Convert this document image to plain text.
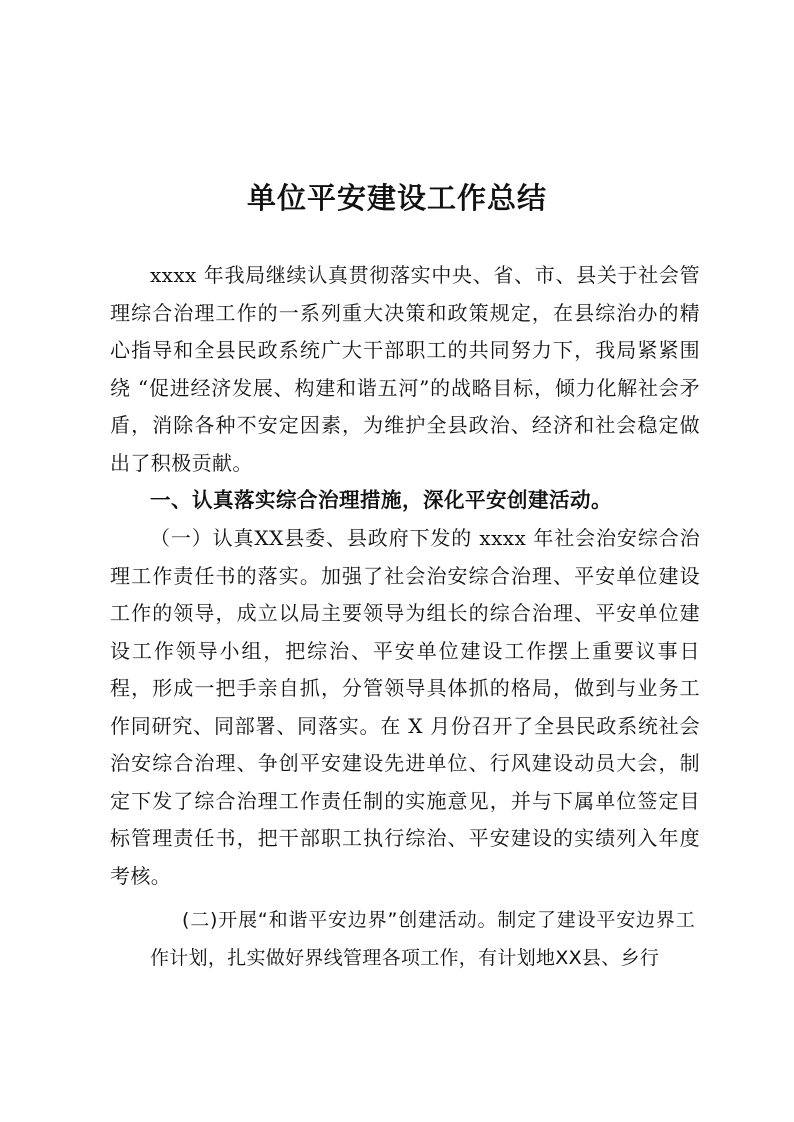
单位平安建设工作总结

xxxx 年我局继续认真贯彻落实中央、省、市、县关于社会管理综合治理工作的一系列重大决策和政策规定，在县综治办的精心指导和全县民政系统广大干部职工的共同努力下，我局紧紧围绕 “促进经济发展、构建和谐五河”的战略目标，倾力化解社会矛盾，消除各种不安定因素，为维护全县政治、经济和社会稳定做出了积极贡献。

一、认真落实综合治理措施，深化平安创建活动。

（一）认真XX县委、县政府下发的 xxxx 年社会治安综合治理工作责任书的落实。加强了社会治安综合治理、平安单位建设工作的领导，成立以局主要领导为组长的综合治理、平安单位建设工作领导小组，把综治、平安单位建设工作摆上重要议事日程，形成一把手亲自抓，分管领导具体抓的格局，做到与业务工作同研究、同部署、同落实。在 X 月份召开了全县民政系统社会治安综合治理、争创平安建设先进单位、行风建设动员大会，制定下发了综合治理工作责任制的实施意见，并与下属单位签定目标管理责任书，把干部职工执行综治、平安建设的实绩列入年度考核。

(二)开展“和谐平安边界”创建活动。制定了建设平安边界工作计划，扎实做好界线管理各项工作，有计划地XX县、乡行
